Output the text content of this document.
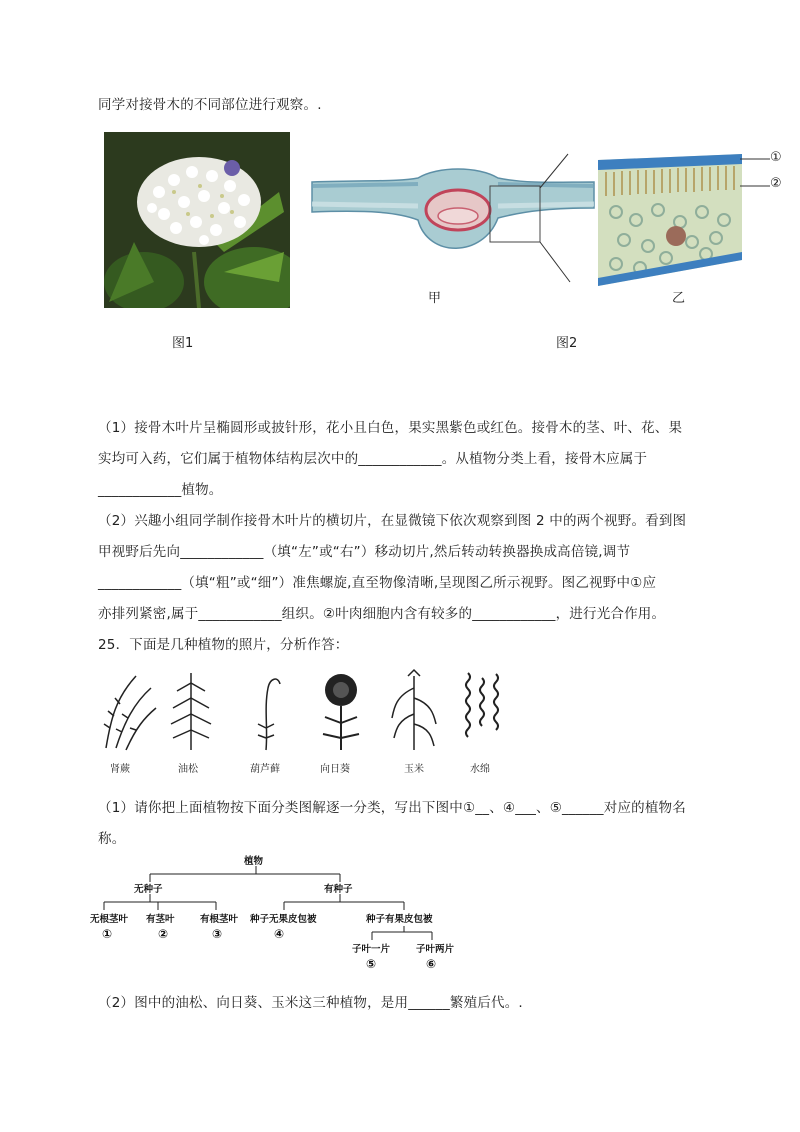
同学对接骨木的不同部位进行观察。.
图1
甲
①
②
乙
图2
（1）接骨木叶片呈椭圆形或披针形，花小且白色，果实黑紫色或红色。接骨木的茎、叶、花、果
实均可入药，它们属于植物体结构层次中的____________。从植物分类上看，接骨木应属于
____________植物。
（2）兴趣小组同学制作接骨木叶片的横切片，在显微镜下依次观察到图 2 中的两个视野。看到图
甲视野后先向____________（填“左”或“右”）移动切片,然后转动转换器换成高倍镜,调节
____________（填“粗”或“细”）准焦螺旋,直至物像清晰,呈现图乙所示视野。图乙视野中①应
亦排列紧密,属于____________组织。②叶肉细胞内含有较多的____________，进行光合作用。
25．下面是几种植物的照片，分析作答：
肾蕨	油松	葫芦藓	向日葵	玉米	水绵
（1）请你把上面植物按下面分类图解逐一分类，写出下图中①__、④___、⑤______对应的植物名
称。
植物
无种子	有种子
无根茎叶 有茎叶	有根茎叶 种子无果皮包被	种子有果皮包被
子叶一片	子叶两片
①	②	③	④
⑤	⑥
（2）图中的油松、向日葵、玉米这三种植物，是用______繁殖后代。.
